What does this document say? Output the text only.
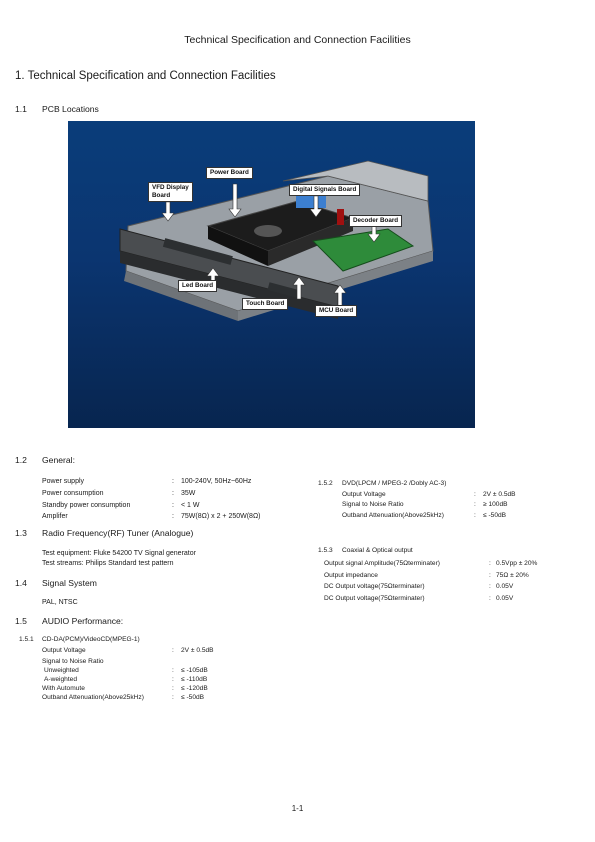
Technical Specification and Connection Facilities
1. Technical Specification and Connection Facilities
1.1 PCB Locations
Power Board
VFD Display
Board
Digital Signals Board
Decoder Board
Led Board
Touch Board
MCU Board
1.2 General:
Power supply	: 100-240V, 50Hz~60Hz
Power consumption	: 35W
Standby power consumption	: < 1 W
Amplifer	: 75W(8Ω) x 2 + 250W(8Ω)
1.3 Radio Frequency(RF) Tuner (Analogue)
Test equipment: Fluke 54200 TV Signal generator
Test streams: Philips Standard test pattern
1.4 Signal System
PAL, NTSC
1.5 AUDIO Performance:
1.5.1 CD-DA(PCM)/VideoCD(MPEG-1)
Output Voltage	: 2V ± 0.5dB
Signal to Noise Ratio
Unweighted	: ≤ -105dB
A-weighted	: ≤ -110dB
With Automute	: ≤ -120dB
Outband Attenuation(Above25kHz)	: ≤ -50dB
1.5.2 DVD(LPCM / MPEG-2 /Dobly AC-3)
Output Voltage	: 2V ± 0.5dB
Signal to Noise Ratio	: ≥ 100dB
Outband Attenuation(Above25kHz)	: ≤ -50dB
1.5.3 Coaxial & Optical output
Output signal Amplitude(75Ωterminater)	: 0.5Vpp ± 20%
Output impedance	: 75Ω ± 20%
DC Output voltage(75Ωterminater)	: 0.05V
DC Output voltage(75Ωterminater)	: 0.05V
1-1
